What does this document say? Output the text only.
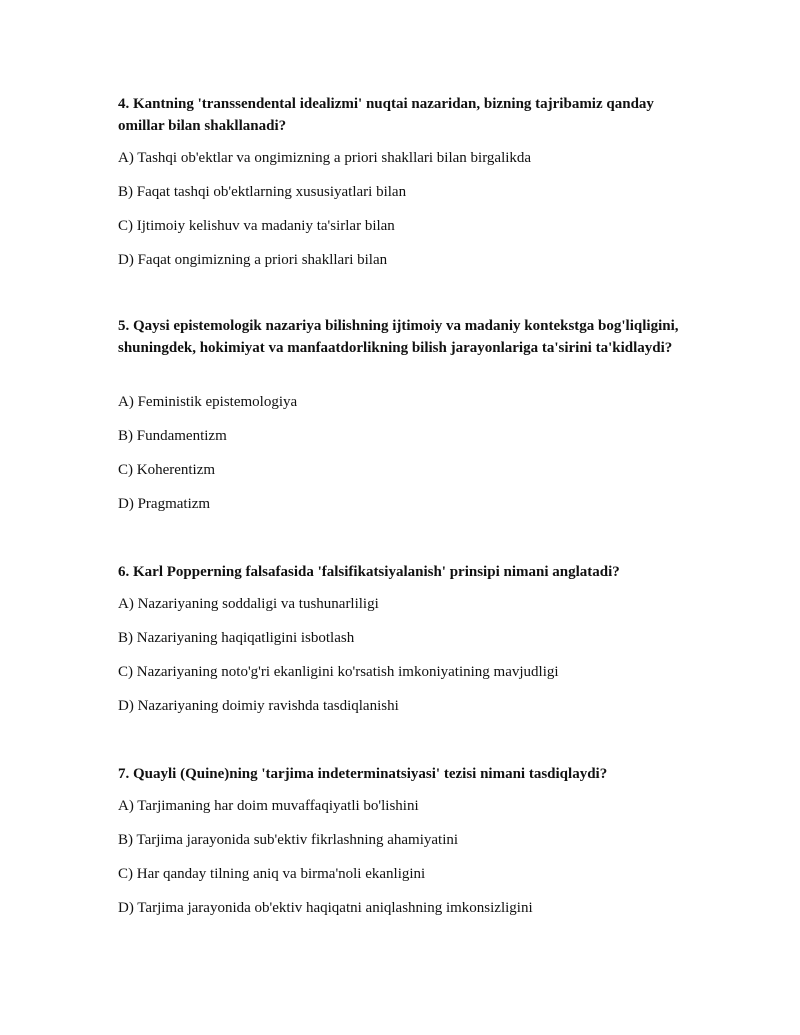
4. Kantning 'transsendental idealizmi' nuqtai nazaridan, bizning tajribamiz qanday omillar bilan shakllanadi?

A) Tashqi ob'ektlar va ongimizning a priori shakllari bilan birgalikda

B) Faqat tashqi ob'ektlarning xususiyatlari bilan

C) Ijtimoiy kelishuv va madaniy ta'sirlar bilan

D) Faqat ongimizning a priori shakllari bilan

5. Qaysi epistemologik nazariya bilishning ijtimoiy va madaniy kontekstga bog'liqligini, shuningdek, hokimiyat va manfaatdorlikning bilish jarayonlariga ta'sirini ta'kidlaydi?

A) Feministik epistemologiya

B) Fundamentizm

C) Koherentizm

D) Pragmatizm

6. Karl Popperning falsafasida 'falsifikatsiyalanish' prinsipi nimani anglatadi?

A) Nazariyaning soddaligi va tushunarliligi

B) Nazariyaning haqiqatligini isbotlash

C) Nazariyaning noto'g'ri ekanligini ko'rsatish imkoniyatining mavjudligi

D) Nazariyaning doimiy ravishda tasdiqlanishi

7. Quayli (Quine)ning 'tarjima indeterminatsiyasi' tezisi nimani tasdiqlaydi?

A) Tarjimaning har doim muvaffaqiyatli bo'lishini

B) Tarjima jarayonida sub'ektiv fikrlashning ahamiyatini

C) Har qanday tilning aniq va birma'noli ekanligini

D) Tarjima jarayonida ob'ektiv haqiqatni aniqlashning imkonsizligini
